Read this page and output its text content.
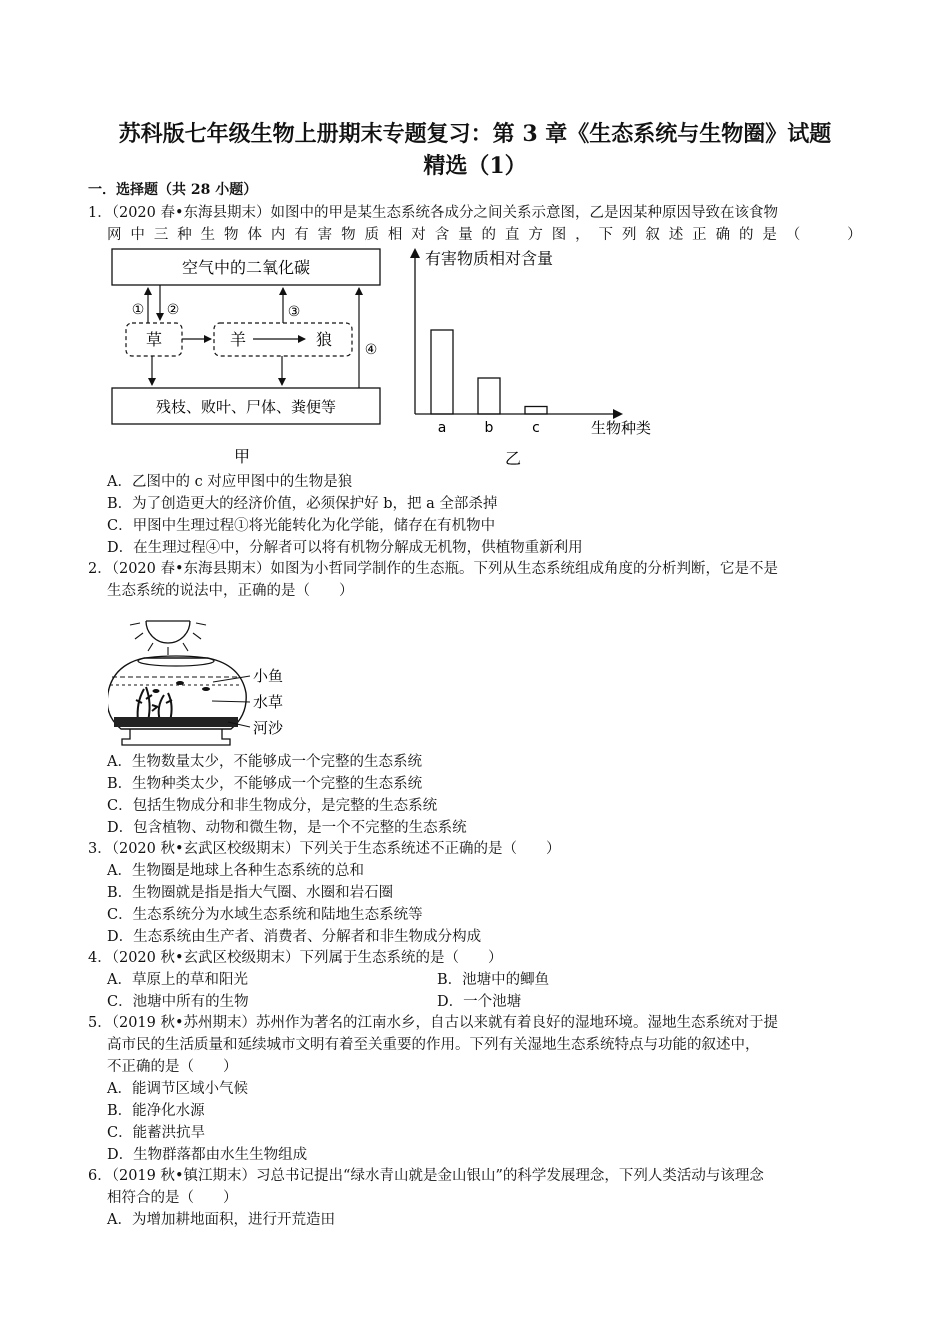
苏科版七年级生物上册期末专题复习：第 3 章《生态系统与生物圈》试题
精选（1）
一．选择题（共 28 小题）
1．（2020 春•东海县期末）如图中的甲是某生态系统各成分之间关系示意图，乙是因某种原因导致在该食物
网 中 三 种 生 物 体 内 有 害 物 质 相 对 含 量 的 直 方 图 ， 下 列 叙 述 正 确 的 是 （
　　	）
空气中的二氧化碳
草	羊	狼
残枝、败叶、尸体、粪便等
① ②	③
④
甲
有害物质相对含量
生物种类
a	b	c
乙
A．乙图中的 c 对应甲图中的生物是狼
B．为了创造更大的经济价值，必须保护好 b，把 a 全部杀掉
C．甲图中生理过程①将光能转化为化学能，储存在有机物中
D．在生理过程④中，分解者可以将有机物分解成无机物，供植物重新利用
2．（2020 春•东海县期末）如图为小哲同学制作的生态瓶。下列从生态系统组成角度的分析判断，它是不是
生态系统的说法中，正确的是（　　）
小鱼
水草
河沙
A．生物数量太少，不能够成一个完整的生态系统
B．生物种类太少，不能够成一个完整的生态系统
C．包括生物成分和非生物成分，是完整的生态系统
D．包含植物、动物和微生物，是一个不完整的生态系统
3．（2020 秋•玄武区校级期末）下列关于生态系统述不正确的是（　　）
A．生物圈是地球上各种生态系统的总和
B．生物圈就是指是指大气圈、水圈和岩石圈
C．生态系统分为水域生态系统和陆地生态系统等
D．生态系统由生产者、消费者、分解者和非生物成分构成
4．（2020 秋•玄武区校级期末）下列属于生态系统的是（　　）
A．草原上的草和阳光	B．池塘中的鲫鱼
C．池塘中所有的生物	D．一个池塘
5．（2019 秋•苏州期末）苏州作为著名的江南水乡，自古以来就有着良好的湿地环境。湿地生态系统对于提
高市民的生活质量和延续城市文明有着至关重要的作用。下列有关湿地生态系统特点与功能的叙述中，
不正确的是（　　）
A．能调节区域小气候
B．能净化水源
C．能蓄洪抗旱
D．生物群落都由水生生物组成
6．（2019 秋•镇江期末）习总书记提出“绿水青山就是金山银山”的科学发展理念，下列人类活动与该理念
相符合的是（　　）
A．为增加耕地面积，进行开荒造田
